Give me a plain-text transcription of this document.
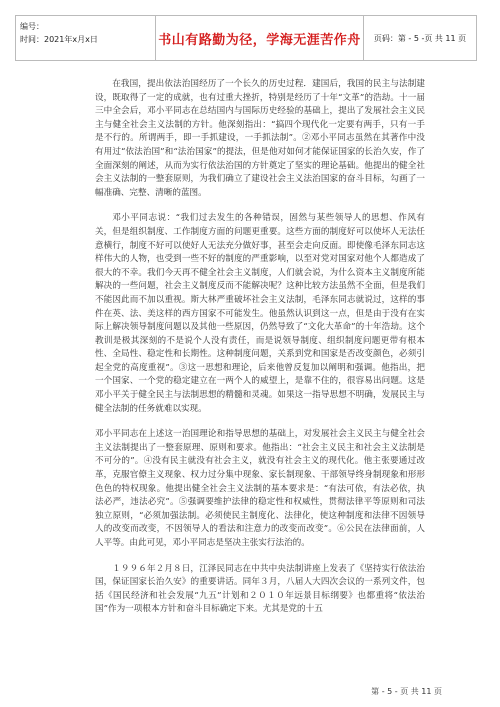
编号：
时间：2021年x月x日	书山有路勤为径，学海无涯苦作舟 页码：第 - 5 -页 共 11 页

在我国，提出依法治国经历了一个长久的历史过程．建国后，我国的民主与法制建设，既取得了一定的成就，也有过重大挫折，特别是经历了十年“文革”的浩劫。十一届三中全会后，邓小平同志在总结国内与国际历史经验的基础上，提出了发展社会主义民主与健全社会主义法制的方针。他深刻指出：“搞四个现代化一定要有两手，只有一手是不行的。所谓两手，即一手抓建设，一手抓法制”。②邓小平同志虽然在其著作中没有用过“依法治国”和“法治国家”的提法，但是他对如何才能保证国家的长治久安，作了全面深刻的阐述，从而为实行依法治国的方针奠定了坚实的理论基础。他提出的健全社会主义法制的一整套原则，为我们确立了建设社会主义法治国家的奋斗目标，勾画了一幅准确、完整、清晰的蓝图。

邓小平同志说：“我们过去发生的各种错误，固然与某些领导人的思想、作风有关，但是组织制度、工作制度方面的问题更重要。这些方面的制度好可以使坏人无法任意横行，制度不好可以使好人无法充分做好事，甚至会走向反面。即使像毛泽东同志这样伟大的人物，也受到一些不好的制度的严重影响，以至对党对国家对他个人都造成了很大的不幸。我们今天再不健全社会主义制度，人们就会说，为什么资本主义制度所能解决的一些问题，社会主义制度反而不能解决呢？这种比较方法虽然不全面，但是我们不能因此而不加以重视。斯大林严重破坏社会主义法制，毛泽东同志就说过，这样的事件在英、法、美这样的西方国家不可能发生。他虽然认识到这一点，但是由于没有在实际上解决领导制度问题以及其他一些原因，仍然导致了“文化大革命”的十年浩劫。这个教训是极其深刻的不是说个人没有责任，而是说领导制度、组织制度问题更带有根本性、全局性、稳定性和长期性。这种制度问题，关系到党和国家是否改变颜色，必须引起全党的高度重视”。③这一思想和理论，后来他曾反复加以阐明和强调。他指出，把一个国家、一个党的稳定建立在一两个人的威望上，是靠不住的，很容易出问题。这是邓小平关于健全民主与法制思想的精髓和灵魂。如果这一指导思想不明确，发展民主与健全法制的任务就难以实现。

邓小平同志在上述这一治国理论和指导思想的基础上，对发展社会主义民主与健全社会主义法制提出了一整套原理、原则和要求。他指出：“社会主义民主和社会主义法制是不可分的”。④没有民主就没有社会主义，就没有社会主义的现代化。他主张要通过改革，克服官僚主义现象、权力过分集中现象、家长制现象、干部领导终身制现象和形形色色的特权现象。他提出健全社会主义法制的基本要求是：“有法可依，有法必依，执法必严，违法必究”。⑤强调要维护法律的稳定性和权威性，贯彻法律平等原则和司法独立原则，“必须加强法制。必须使民主制度化、法律化，使这种制度和法律不因领导人的改变而改变，不因领导人的看法和注意力的改变而改变”。⑥公民在法律面前，人人平等。由此可见，邓小平同志是坚决主张实行法治的。

１９９６年２月８日，江泽民同志在中共中央法制讲座上发表了《坚持实行依法治国，保证国家长治久安》的重要讲话。同年３月，八届人大四次会议的一系列文件，包括《国民经济和社会发展“九五”计划和２０１０年远景目标纲要》也都重将“依法治国”作为一项根本方针和奋斗目标确定下来。尤其是党的十五

第 - 5 - 页 共 11 页
